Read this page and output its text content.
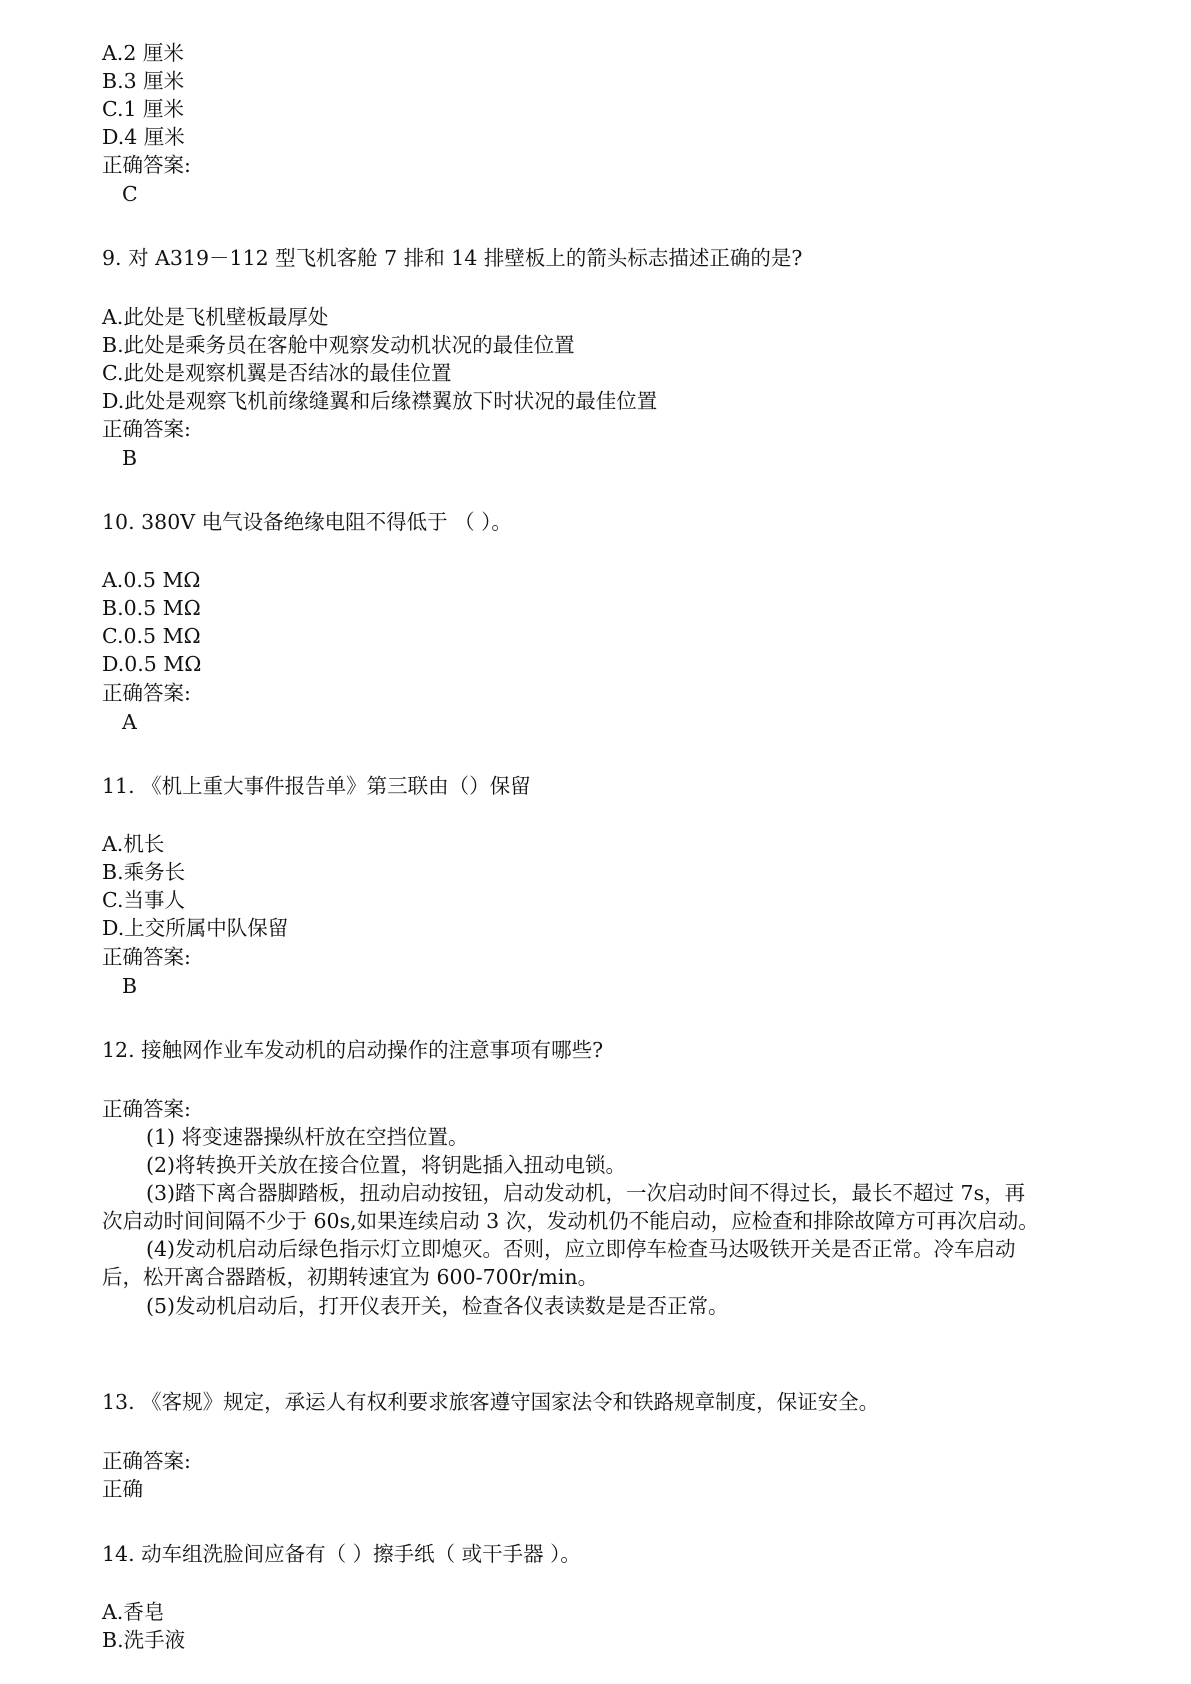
A.2 厘米

B.3 厘米

C.1 厘米

D.4 厘米

正确答案:

C

9. 对 A319－112 型飞机客舱 7 排和 14 排壁板上的箭头标志描述正确的是?

A.此处是飞机壁板最厚处

B.此处是乘务员在客舱中观察发动机状况的最佳位置

C.此处是观察机翼是否结冰的最佳位置

D.此处是观察飞机前缘缝翼和后缘襟翼放下时状况的最佳位置

正确答案:

B

10. 380V 电气设备绝缘电阻不得低于 （ ）。

A.0.5 MΩ

B.0.5 MΩ

C.0.5 MΩ

D.0.5 MΩ

正确答案:

A

11. 《机上重大事件报告单》第三联由（）保留

A.机长

B.乘务长

C.当事人

D.上交所属中队保留

正确答案:

B

12. 接触网作业车发动机的启动操作的注意事项有哪些?

正确答案:

(1) 将变速器操纵杆放在空挡位置。

(2)将转换开关放在接合位置，将钥匙插入扭动电锁。

(3)踏下离合器脚踏板，扭动启动按钮，启动发动机，一次启动时间不得过长，最长不超过 7s，再

次启动时间间隔不少于 60s,如果连续启动 3 次，发动机仍不能启动，应检查和排除故障方可再次启动。

(4)发动机启动后绿色指示灯立即熄灭。否则，应立即停车检查马达吸铁开关是否正常。冷车启动

后，松开离合器踏板，初期转速宜为 600-700r/min。

(5)发动机启动后，打开仪表开关，检查各仪表读数是是否正常。

13. 《客规》规定，承运人有权利要求旅客遵守国家法令和铁路规章制度，保证安全。

正确答案:

正确

14. 动车组洗脸间应备有（ ）擦手纸（ 或干手器 ）。

A.香皂

B.洗手液
